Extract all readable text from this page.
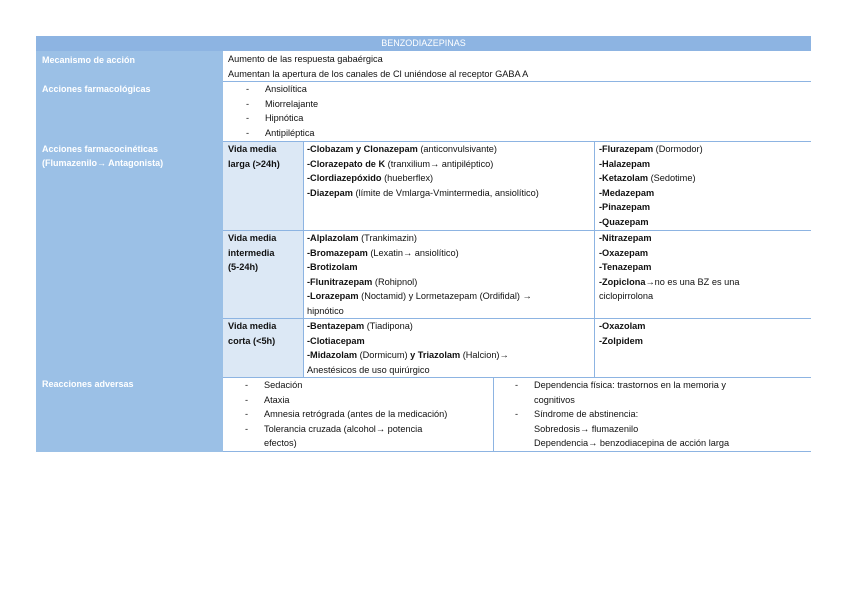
BENZODIAZEPINAS
Mecanismo de acción
Acciones farmacológicas
Acciones farmacocinéticas
(Flumazenilo→ Antagonista)
Reacciones adversas
Aumento de las respuesta gabaérgica
Aumentan la apertura de los canales de Cl uniéndose al receptor GABA A
- Ansiolítica
- Miorrelajante
- Hipnótica
- Antipiléptica
Vida media
larga (>24h)
-Clobazam y Clonazepam (anticonvulsivante)
-Clorazepato de K (tranxilium→ antipiléptico)
-Clordiazepóxido (hueberflex)
-Diazepam (límite de Vmlarga-Vmintermedia, ansiolítico)
-Flurazepam (Dormodor)
-Halazepam
-Ketazolam (Sedotime)
-Medazepam
-Pinazepam
-Quazepam
Vida media
intermedia
(5-24h)
-Alplazolam (Trankimazin)
-Bromazepam (Lexatin→ ansiolítico)
-Brotizolam
-Flunitrazepam (Rohipnol)
-Lorazepam (Noctamid) y Lormetazepam (Ordifidal) →
hipnótico
-Nitrazepam
-Oxazepam
-Tenazepam
-Zopiclona→no es una BZ es una
ciclopirrolona
Vida media
corta (<5h)
-Bentazepam (Tiadipona)
-Clotiacepam
-Midazolam (Dormicum) y Triazolam (Halcion)→
Anestésicos de uso quirúrgico
-Oxazolam
-Zolpidem
- Sedación
- Ataxia
- Amnesia retrógrada (antes de la medicación)
- Tolerancia cruzada (alcohol→ potencia
efectos)
- Dependencia física: trastornos en la memoria y
cognitivos
- Síndrome de abstinencia:
Sobredosis→ flumazenilo
Dependencia→ benzodiacepina de acción larga
